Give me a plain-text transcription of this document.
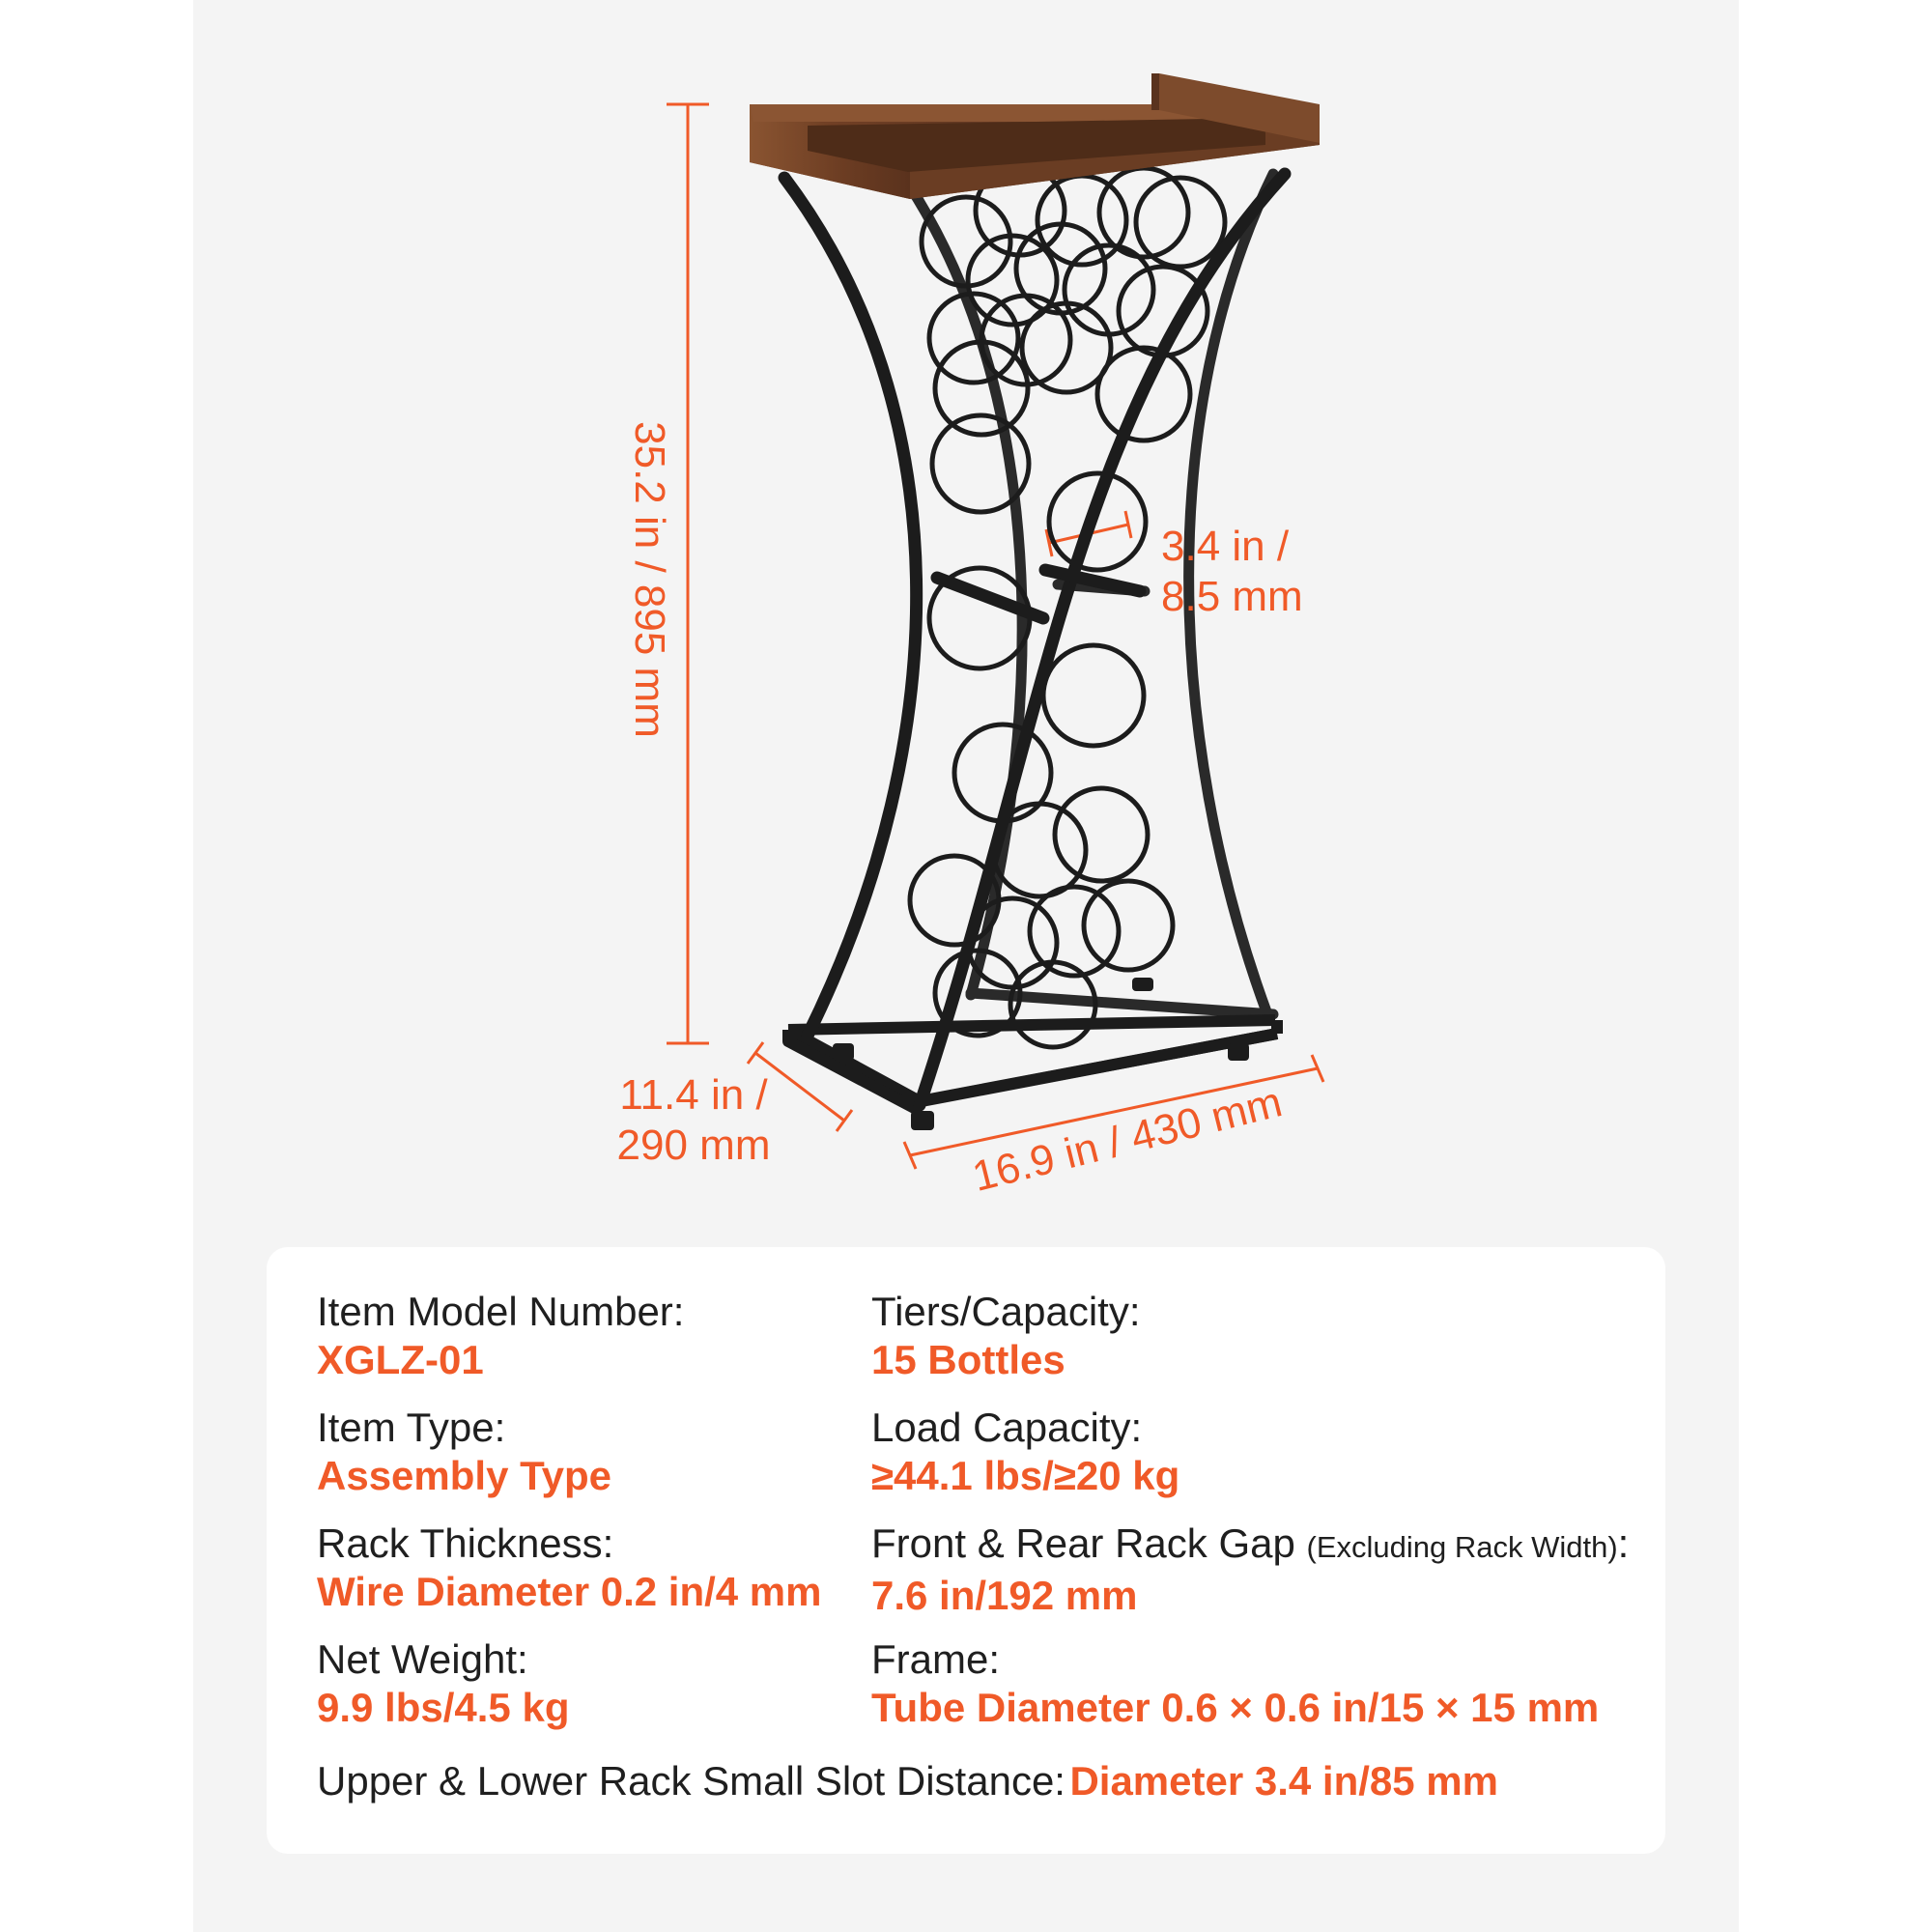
35.2 in / 895 mm
11.4 in /
290 mm	16.9 in / 430 mm
3.4 in /
8.5 mm
Item Model Number:
XGLZ-01
Tiers/Capacity:
15 Bottles
Item Type:
Assembly Type
Load Capacity:
≥44.1 lbs/≥20 kg
Rack Thickness:
Wire Diameter 0.2 in/4 mm
Front & Rear Rack Gap (Excluding Rack Width):
7.6 in/192 mm
Net Weight:
9.9 lbs/4.5 kg
Frame:
Tube Diameter 0.6 × 0.6 in/15 × 15 mm
Upper & Lower Rack Small Slot Distance: Diameter 3.4 in/85 mm
